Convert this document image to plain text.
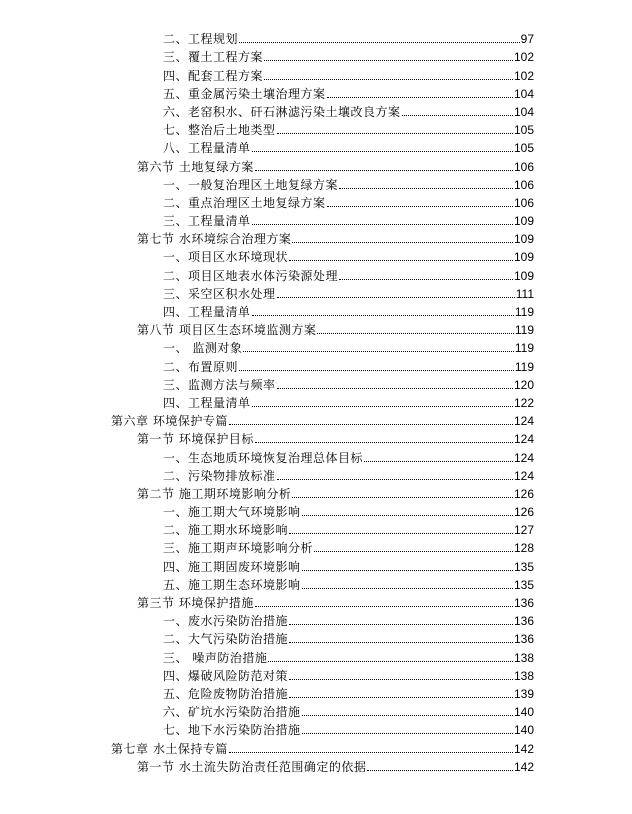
二、工程规划	97
三、覆土工程方案	102
四、配套工程方案	102
五、重金属污染土壤治理方案	104
六、老窑积水、矸石淋滤污染土壤改良方案	104
七、整治后土地类型	105
八、工程量清单	105
第六节 土地复绿方案	106
一、一般复治理区土地复绿方案	106
二、重点治理区土地复绿方案	106
三、工程量清单	109
第七节 水环境综合治理方案	109
一、项目区水环境现状	109
二、项目区地表水体污染源处理	109
三、采空区积水处理	111
四、工程量清单	119
第八节 项目区生态环境监测方案	119
一、 监测对象	119
二、布置原则	119
三、监测方法与频率	120
四、工程量清单	122
第六章 环境保护专篇	124
第一节 环境保护目标	124
一、生态地质环境恢复治理总体目标	124
二、污染物排放标准	124
第二节 施工期环境影响分析	126
一、施工期大气环境影响	126
二、施工期水环境影响	127
三、施工期声环境影响分析	128
四、施工期固废环境影响	135
五、施工期生态环境影响	135
第三节 环境保护措施	136
一、废水污染防治措施	136
二、大气污染防治措施	136
三、 噪声防治措施	138
四、爆破风险防范对策	138
五、危险废物防治措施	139
六、矿坑水污染防治措施	140
七、地下水污染防治措施	140
第七章 水土保持专篇	142
第一节 水土流失防治责任范围确定的依据	142
